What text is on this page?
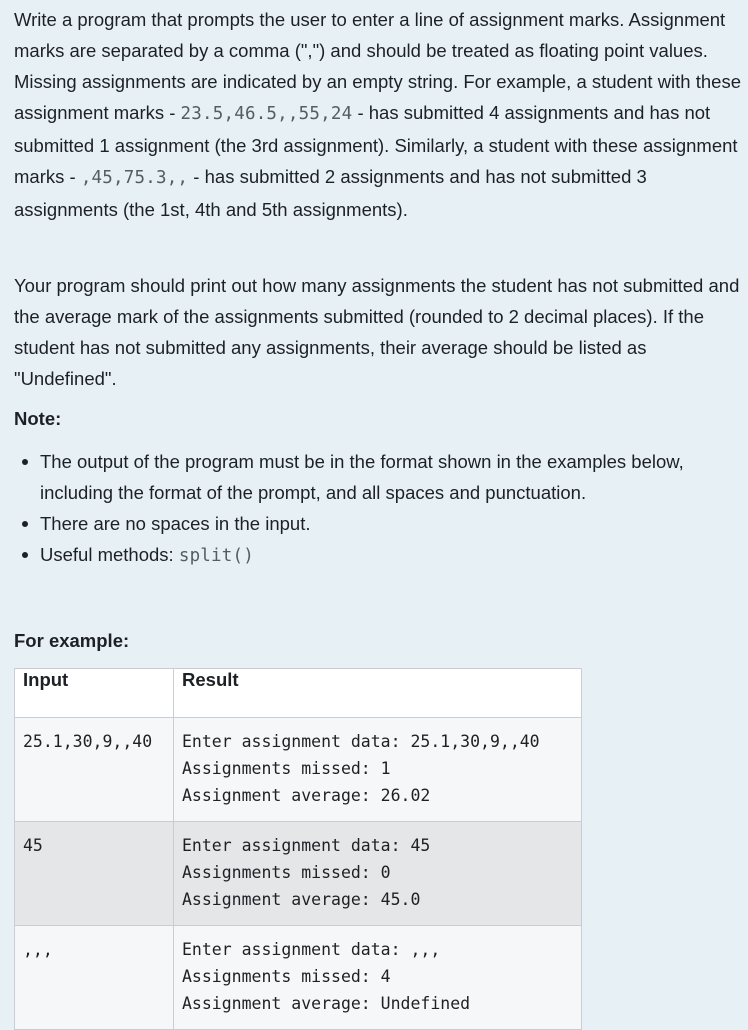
Write a program that prompts the user to enter a line of assignment marks. Assignment marks are separated by a comma (",") and should be treated as floating point values. Missing assignments are indicated by an empty string. For example, a student with these assignment marks - 23.5,46.5,,55,24 - has submitted 4 assignments and has not submitted 1 assignment (the 3rd assignment). Similarly, a student with these assignment marks - ,45,75.3,, - has submitted 2 assignments and has not submitted 3 assignments (the 1st, 4th and 5th assignments).

Your program should print out how many assignments the student has not submitted and the average mark of the assignments submitted (rounded to 2 decimal places). If the student has not submitted any assignments, their average should be listed as "Undefined".

Note:

The output of the program must be in the format shown in the examples below, including the format of the prompt, and all spaces and punctuation.
There are no spaces in the input.
Useful methods: split()

For example:

Input	Result
25.1,30,9,,40	Enter assignment data: 25.1,30,9,,40
Assignments missed: 1
Assignment average: 26.02

45	Enter assignment data: 45
Assignments missed: 0
Assignment average: 45.0

,,,	Enter assignment data: ,,,
Assignments missed: 4
Assignment average: Undefined
